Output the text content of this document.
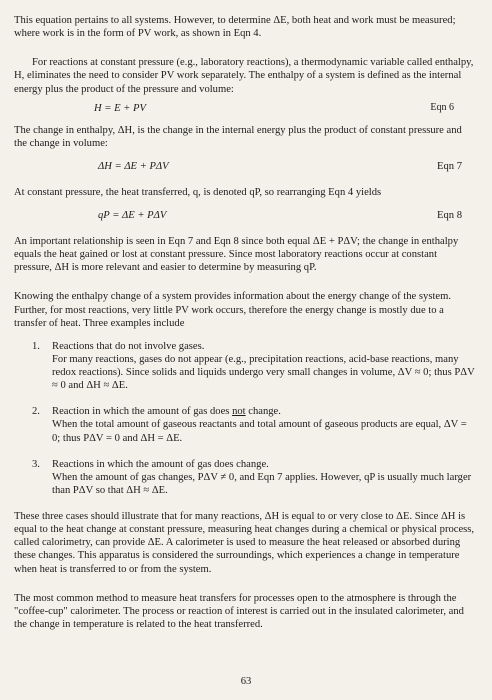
This equation pertains to all systems. However, to determine ΔE, both heat and work must be measured; where work is in the form of PV work, as shown in Eqn 4.

For reactions at constant pressure (e.g., laboratory reactions), a thermodynamic variable called enthalpy, H, eliminates the need to consider PV work separately. The enthalpy of a system is defined as the internal energy plus the product of the pressure and volume:

H = E + PV	Eqn 6

The change in enthalpy, ΔH, is the change in the internal energy plus the product of constant pressure and the change in volume:

ΔH = ΔE + PΔV	Eqn 7

At constant pressure, the heat transferred, q, is denoted qP, so rearranging Eqn 4 yields

qP = ΔE + PΔV	Eqn 8

An important relationship is seen in Eqn 7 and Eqn 8 since both equal ΔE + PΔV; the change in enthalpy equals the heat gained or lost at constant pressure. Since most laboratory reactions occur at constant pressure, ΔH is more relevant and easier to determine by measuring qP.

Knowing the enthalpy change of a system provides information about the energy change of the system. Further, for most reactions, very little PV work occurs, therefore the energy change is mostly due to a transfer of heat. Three examples include

1. Reactions that do not involve gases.
For many reactions, gases do not appear (e.g., precipitation reactions, acid-base reactions, many redox reactions). Since solids and liquids undergo very small changes in volume, ΔV ≈ 0; thus PΔV ≈ 0 and ΔH ≈ ΔE.
2. Reaction in which the amount of gas does not change.
When the total amount of gaseous reactants and total amount of gaseous products are equal, ΔV = 0; thus PΔV = 0 and ΔH = ΔE.
3. Reactions in which the amount of gas does change.
When the amount of gas changes, PΔV ≠ 0, and Eqn 7 applies. However, qP is usually much larger than PΔV so that ΔH ≈ ΔE.

These three cases should illustrate that for many reactions, ΔH is equal to or very close to ΔE. Since ΔH is equal to the heat change at constant pressure, measuring heat changes during a chemical or physical process, called calorimetry, can provide ΔE. A calorimeter is used to measure the heat released or absorbed during these changes. This apparatus is considered the surroundings, which experiences a change in temperature when heat is transferred to or from the system.

The most common method to measure heat transfers for processes open to the atmosphere is through the "coffee-cup" calorimeter. The process or reaction of interest is carried out in the insulated calorimeter, and the change in temperature is related to the heat transferred.

63
